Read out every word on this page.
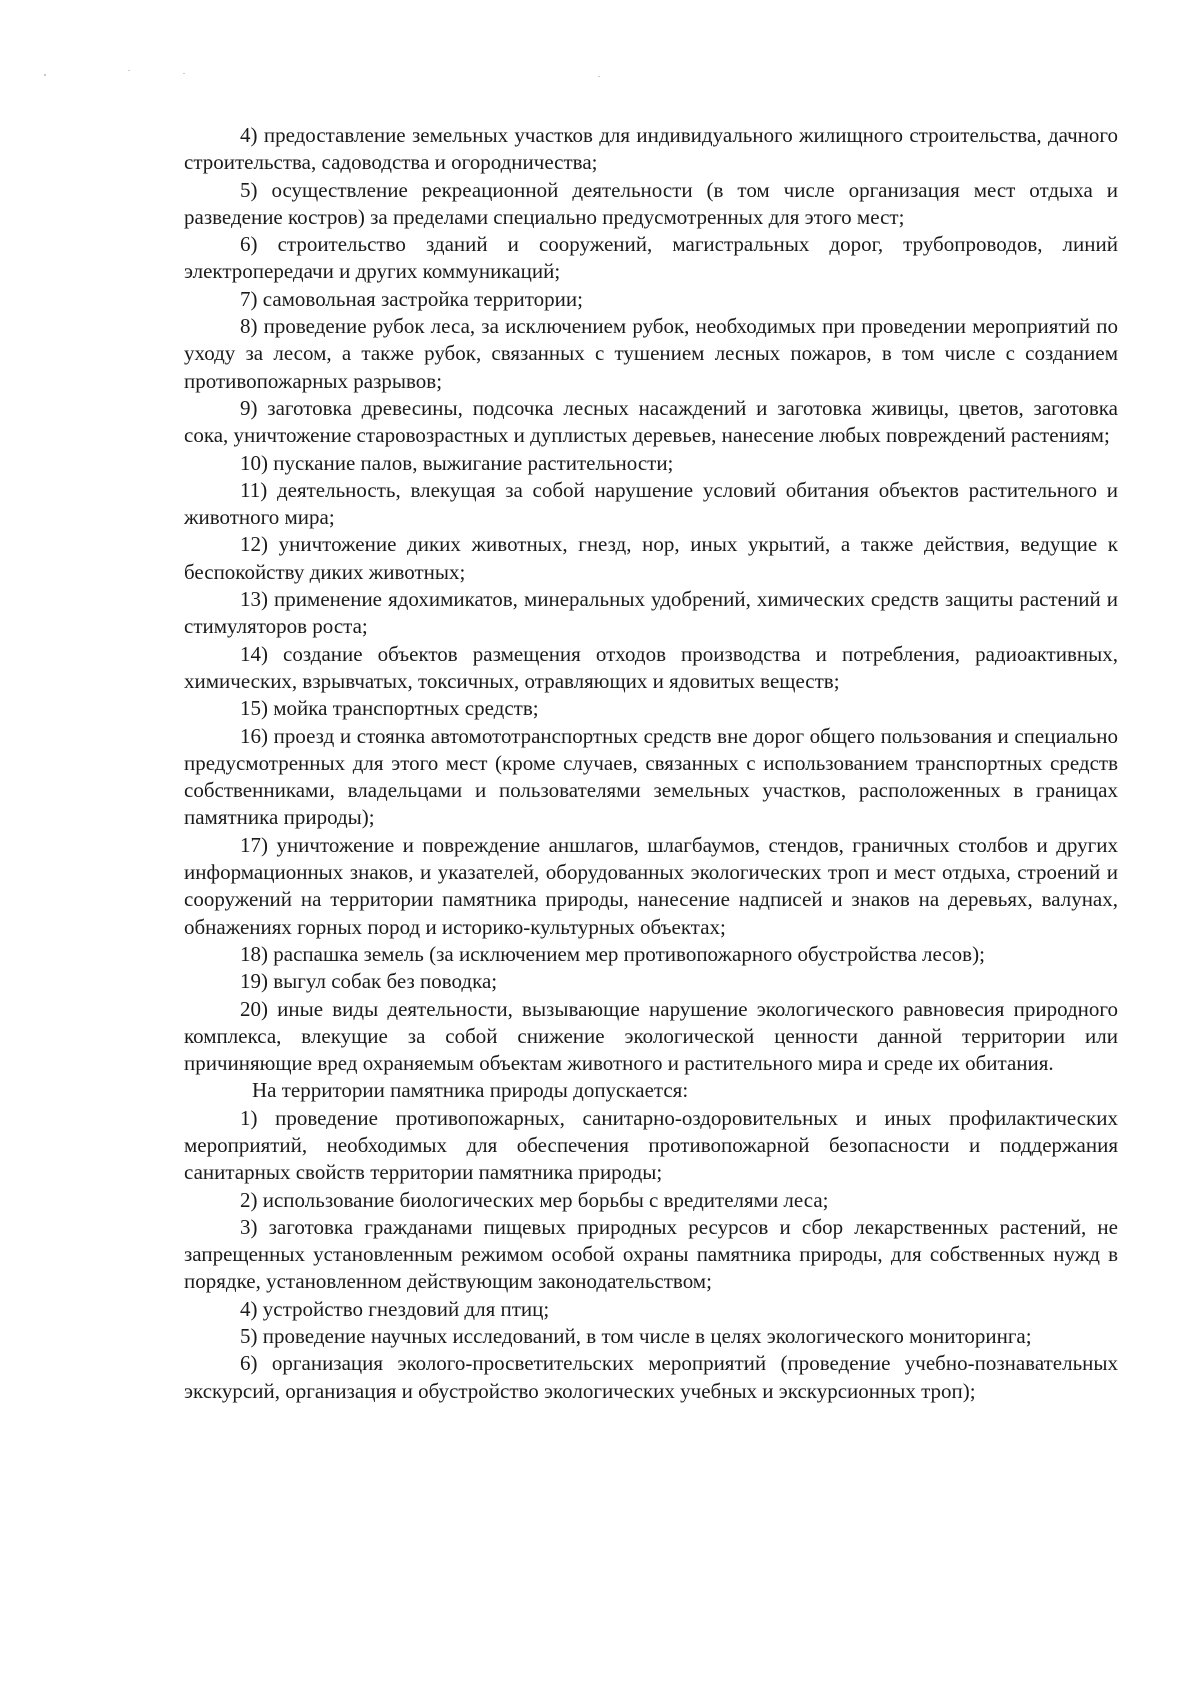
4) предоставление земельных участков для индивидуального жилищного строительства, дачного строительства, садоводства и огородничества;

5) осуществление рекреационной деятельности (в том числе организация мест отдыха и разведение костров) за пределами специально предусмотренных для этого мест;

6) строительство зданий и сооружений, магистральных дорог, трубопроводов, линий электропередачи и других коммуникаций;

7) самовольная застройка территории;

8) проведение рубок леса, за исключением рубок, необходимых при проведении мероприятий по уходу за лесом, а также рубок, связанных с тушением лесных пожаров, в том числе с созданием противопожарных разрывов;

9) заготовка древесины, подсочка лесных насаждений и заготовка живицы, цветов, заготовка сока, уничтожение старовозрастных и дуплистых деревьев, нанесение любых повреждений растениям;

10) пускание палов, выжигание растительности;

11) деятельность, влекущая за собой нарушение условий обитания объектов растительного и животного мира;

12) уничтожение диких животных, гнезд, нор, иных укрытий, а также действия, ведущие к беспокойству диких животных;

13) применение ядохимикатов, минеральных удобрений, химических средств защиты растений и стимуляторов роста;

14) создание объектов размещения отходов производства и потребления, радиоактивных, химических, взрывчатых, токсичных, отравляющих и ядовитых веществ;

15) мойка транспортных средств;

16) проезд и стоянка автомототранспортных средств вне дорог общего пользования и специально предусмотренных для этого мест (кроме случаев, связанных с использованием транспортных средств собственниками, владельцами и пользователями земельных участков, расположенных в границах памятника природы);

17) уничтожение и повреждение аншлагов, шлагбаумов, стендов, граничных столбов и других информационных знаков, и указателей, оборудованных экологических троп и мест отдыха, строений и сооружений на территории памятника природы, нанесение надписей и знаков на деревьях, валунах, обнажениях горных пород и историко-культурных объектах;

18) распашка земель (за исключением мер противопожарного обустройства лесов);

19) выгул собак без поводка;

20) иные виды деятельности, вызывающие нарушение экологического равновесия природного комплекса, влекущие за собой снижение экологической ценности данной территории или причиняющие вред охраняемым объектам животного и растительного мира и среде их обитания.

На территории памятника природы допускается:

1) проведение противопожарных, санитарно-оздоровительных и иных профилактических мероприятий, необходимых для обеспечения противопожарной безопасности и поддержания санитарных свойств территории памятника природы;

2) использование биологических мер борьбы с вредителями леса;

3) заготовка гражданами пищевых природных ресурсов и сбор лекарственных растений, не запрещенных установленным режимом особой охраны памятника природы, для собственных нужд в порядке, установленном действующим законодательством;

4) устройство гнездовий для птиц;

5) проведение научных исследований, в том числе в целях экологического мониторинга;

6) организация эколого-просветительских мероприятий (проведение учебно-познавательных экскурсий, организация и обустройство экологических учебных и экскурсионных троп);
